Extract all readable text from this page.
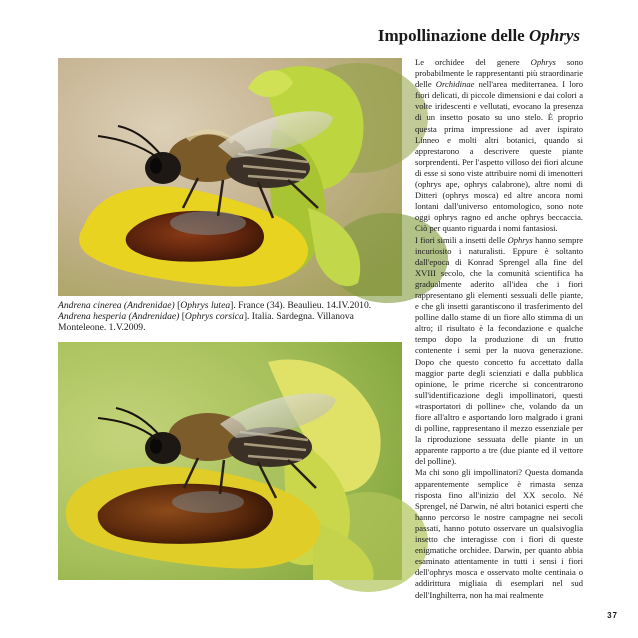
Impollinazione delle Ophrys

Andrena cinerea (Andrenidae) [Ophrys lutea]. France (34). Beaulieu. 14.IV.2010.

Andrena hesperia (Andrenidae) [Ophrys corsica]. Italia. Sardegna. Villanova Monteleone. 1.V.2009.

Le orchidee del genere Ophrys sono probabilmente le rappresentanti più straordinarie delle Orchidinae nell'area mediterranea. I loro fiori delicati, di piccole dimensioni e dai colori a volte iridescenti e vellutati, evocano la presenza di un insetto posato su uno stelo. È proprio questa prima impressione ad aver ispirato Linneo e molti altri botanici, quando si apprestarono a descrivere queste piante sorprendenti. Per l'aspetto villoso dei fiori alcune di esse si sono viste attribuire nomi di imenotteri (ophrys ape, ophrys calabrone), altre nomi di Ditteri (ophrys mosca) ed altre ancora nomi lontani dall'universo entomologico, sono note oggi ophrys ragno ed anche ophrys beccaccia. Ciò per quanto riguarda i nomi fantasiosi.

I fiori simili a insetti delle Ophrys hanno sempre incuriosito i naturalisti. Eppure è soltanto dall'epoca di Konrad Sprengel alla fine del XVIII secolo, che la comunità scientifica ha gradualmente aderito all'idea che i fiori rappresentano gli elementi sessuali delle piante, e che gli insetti garantiscono il trasferimento del polline dallo stame di un fiore allo stimma di un altro; il risultato è la fecondazione e qualche tempo dopo la produzione di un frutto contenente i semi per la nuova generazione. Dopo che questo concetto fu accettato dalla maggior parte degli scienziati e dalla pubblica opinione, le prime ricerche si concentrarono sull'identificazione degli impollinatori, questi «trasportatori di polline» che, volando da un fiore all'altro e asportando loro malgrado i grani di polline, rappresentano il mezzo essenziale per la riproduzione sessuata delle piante in un apparente rapporto a tre (due piante ed il vettore del polline).

Ma chi sono gli impollinatori? Questa domanda apparentemente semplice è rimasta senza risposta fino all'inizio del XX secolo. Né Sprengel, né Darwin, né altri botanici esperti che hanno percorso le nostre campagne nei secoli passati, hanno potuto osservare un qualsivoglia insetto che interagisse con i fiori di queste enigmatiche orchidee. Darwin, per quanto abbia esaminato attentamente in tutti i sensi i fiori dell'ophrys mosca e osservato molte centinaia o addirittura migliaia di esemplari nel sud dell'Inghilterra, non ha mai realmente

37
